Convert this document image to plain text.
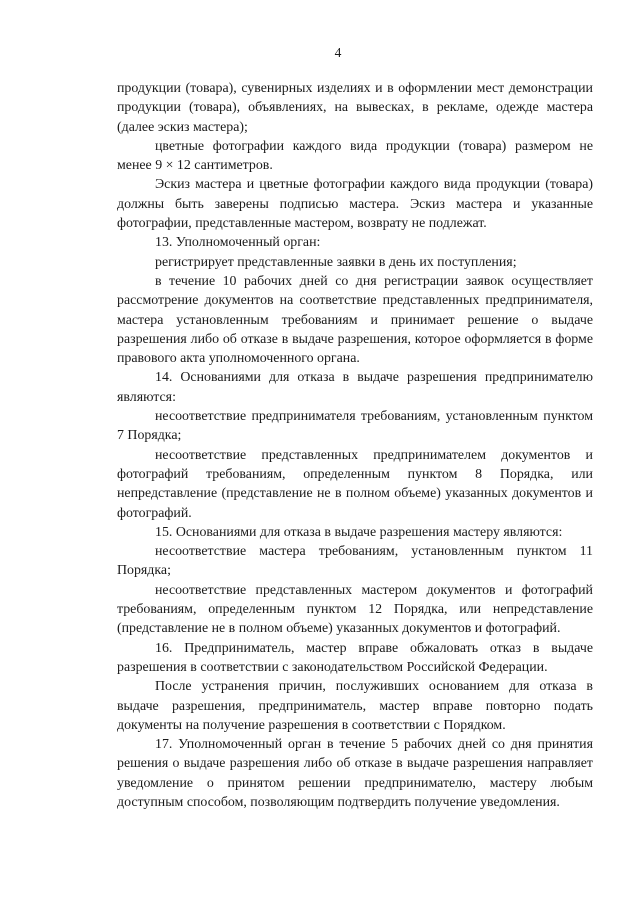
4

продукции (товара), сувенирных изделиях и в оформлении мест демонстрации продукции (товара), объявлениях, на вывесках, в рекламе, одежде мастера (далее эскиз мастера);

цветные фотографии каждого вида продукции (товара) размером не менее 9 × 12 сантиметров.

Эскиз мастера и цветные фотографии каждого вида продукции (товара) должны быть заверены подписью мастера. Эскиз мастера и указанные фотографии, представленные мастером, возврату не подлежат.

13. Уполномоченный орган:

регистрирует представленные заявки в день их поступления;

в течение 10 рабочих дней со дня регистрации заявок осуществляет рассмотрение документов на соответствие представленных предпринимателя, мастера установленным требованиям и принимает решение о выдаче разрешения либо об отказе в выдаче разрешения, которое оформляется в форме правового акта уполномоченного органа.

14. Основаниями для отказа в выдаче разрешения предпринимателю являются:

несоответствие предпринимателя требованиям, установленным пунктом 7 Порядка;

несоответствие представленных предпринимателем документов и фотографий требованиям, определенным пунктом 8 Порядка, или непредставление (представление не в полном объеме) указанных документов и фотографий.

15. Основаниями для отказа в выдаче разрешения мастеру являются:

несоответствие мастера требованиям, установленным пунктом 11 Порядка;

несоответствие представленных мастером документов и фотографий требованиям, определенным пунктом 12 Порядка, или непредставление (представление не в полном объеме) указанных документов и фотографий.

16. Предприниматель, мастер вправе обжаловать отказ в выдаче разрешения в соответствии с законодательством Российской Федерации.

После устранения причин, послуживших основанием для отказа в выдаче разрешения, предприниматель, мастер вправе повторно подать документы на получение разрешения в соответствии с Порядком.

17. Уполномоченный орган в течение 5 рабочих дней со дня принятия решения о выдаче разрешения либо об отказе в выдаче разрешения направляет уведомление о принятом решении предпринимателю, мастеру любым доступным способом, позволяющим подтвердить получение уведомления.
